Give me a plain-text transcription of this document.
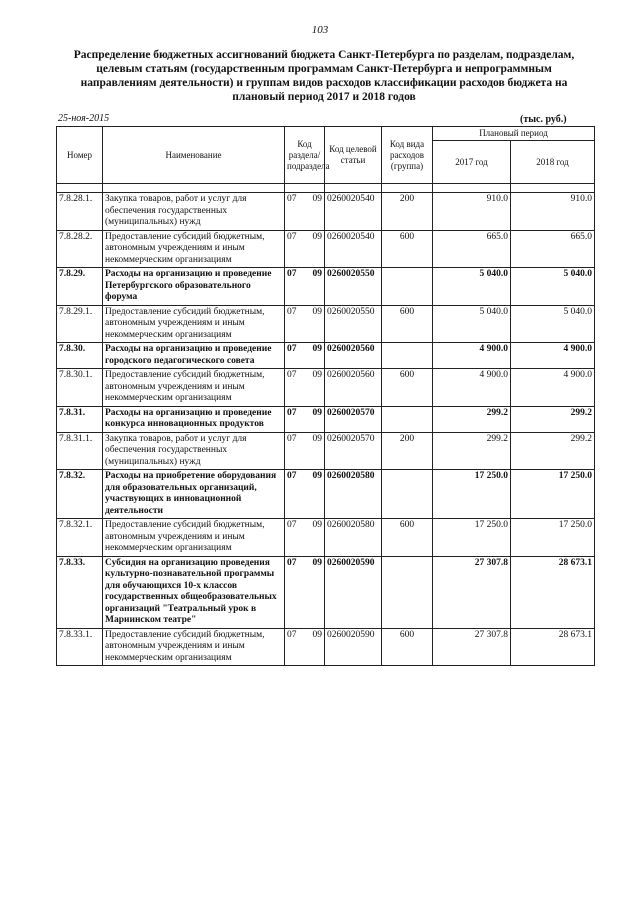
103
Распределение бюджетных ассигнований бюджета Санкт-Петербурга по разделам, подразделам, целевым статьям (государственным программам Санкт-Петербурга и непрограммным направлениям деятельности) и группам видов расходов классификации расходов бюджета на плановый период 2017 и 2018 годов
25-ноя-2015	(тыс. руб.)
Номер	Наименование	Код раздела/ подраздела	Код целевой статьи	Код вида расходов (группа)	Плановый период	
					2017 год	2018 год

7.8.28.1.	Закупка товаров, работ и услуг для обеспечения государственных (муниципальных) нужд	07 09	0260020540	200	910.0	910.0
7.8.28.2.	Предоставление субсидий бюджетным, автономным учреждениям и иным некоммерческим организациям	07 09	0260020540	600	665.0	665.0
7.8.29.	Расходы на организацию и проведение Петербургского образовательного форума	07 09	0260020550		5 040.0	5 040.0
7.8.29.1.	Предоставление субсидий бюджетным, автономным учреждениям и иным некоммерческим организациям	07 09	0260020550	600	5 040.0	5 040.0
7.8.30.	Расходы на организацию и проведение городского педагогического совета	07 09	0260020560		4 900.0	4 900.0
7.8.30.1.	Предоставление субсидий бюджетным, автономным учреждениям и иным некоммерческим организациям	07 09	0260020560	600	4 900.0	4 900.0
7.8.31.	Расходы на организацию и проведение конкурса инновационных продуктов	07 09	0260020570		299.2	299.2
7.8.31.1.	Закупка товаров, работ и услуг для обеспечения государственных (муниципальных) нужд	07 09	0260020570	200	299.2	299.2
7.8.32.	Расходы на приобретение оборудования для образовательных организаций, участвующих в инновационной деятельности	07 09	0260020580		17 250.0	17 250.0
7.8.32.1.	Предоставление субсидий бюджетным, автономным учреждениям и иным некоммерческим организациям	07 09	0260020580	600	17 250.0	17 250.0
7.8.33.	Субсидия на организацию проведения культурно-познавательной программы для обучающихся 10-х классов государственных общеобразовательных организаций "Театральный урок в Мариинском театре"	07 09	0260020590		27 307.8	28 673.1
7.8.33.1.	Предоставление субсидий бюджетным, автономным учреждениям и иным некоммерческим организациям	07 09	0260020590	600	27 307.8	28 673.1
